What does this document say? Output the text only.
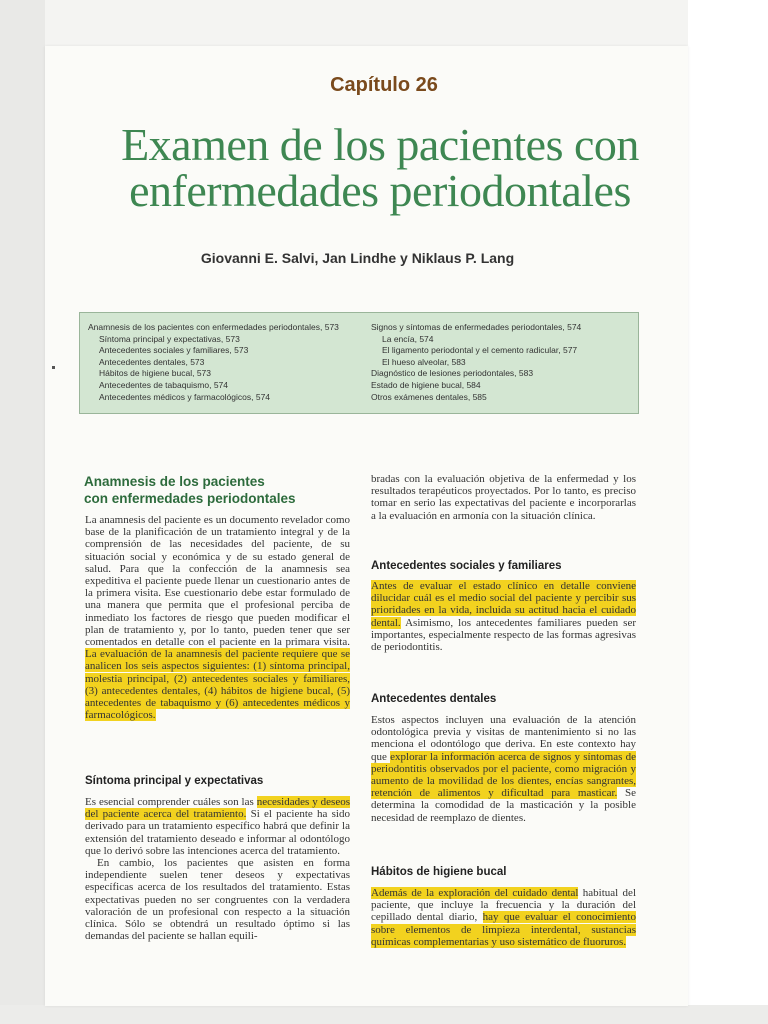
Capítulo 26
Examen de los pacientes con
enfermedades periodontales
Giovanni E. Salvi, Jan Lindhe y Niklaus P. Lang
Anamnesis de los pacientes con enfermedades periodontales, 573
Síntoma principal y expectativas, 573
Antecedentes sociales y familiares, 573
Antecedentes dentales, 573
Hábitos de higiene bucal, 573
Antecedentes de tabaquismo, 574
Antecedentes médicos y farmacológicos, 574
Signos y síntomas de enfermedades periodontales, 574
La encía, 574
El ligamento periodontal y el cemento radicular, 577
El hueso alveolar, 583
Diagnóstico de lesiones periodontales, 583
Estado de higiene bucal, 584
Otros exámenes dentales, 585
Anamnesis de los pacientes
con enfermedades periodontales

La anamnesis del paciente es un documento revelador como base de la planificación de un tratamiento integral y de la comprensión de las necesidades del paciente, de su situación social y económica y de su estado general de salud. Para que la confección de la anamnesis sea expeditiva el paciente puede llenar un cuestionario antes de la primera visita. Ese cuestionario debe estar formulado de una manera que permita que el profesional perciba de inmediato los factores de riesgo que pueden modificar el plan de tratamiento y, por lo tanto, pueden tener que ser comentados en detalle con el paciente en la primara visita. La evaluación de la anamnesis del paciente requiere que se analicen los seis aspectos siguientes: (1) síntoma principal, molestia principal, (2) antecedentes sociales y familiares, (3) antecedentes dentales, (4) hábitos de higiene bucal, (5) antecedentes de tabaquismo y (6) antecedentes médicos y farmacológicos.

Síntoma principal y expectativas

Es esencial comprender cuáles son las necesidades y deseos del paciente acerca del tratamiento. Si el paciente ha sido derivado para un tratamiento específico habrá que definir la extensión del tratamiento deseado e informar al odontólogo que lo derivó sobre las intenciones acerca del tratamiento.

En cambio, los pacientes que asisten en forma independiente suelen tener deseos y expectativas específicas acerca de los resultados del tratamiento. Estas expectativas pueden no ser congruentes con la verdadera valoración de un profesional con respecto a la situación clínica. Sólo se obtendrá un resultado óptimo si las demandas del paciente se hallan equili-

bradas con la evaluación objetiva de la enfermedad y los resultados terapéuticos proyectados. Por lo tanto, es preciso tomar en serio las expectativas del paciente e incorporarlas a la evaluación en armonía con la situación clínica.

Antecedentes sociales y familiares

Antes de evaluar el estado clínico en detalle conviene dilucidar cuál es el medio social del paciente y percibir sus prioridades en la vida, incluida su actitud hacia el cuidado dental. Asimismo, los antecedentes familiares pueden ser importantes, especialmente respecto de las formas agresivas de periodontitis.

Antecedentes dentales

Estos aspectos incluyen una evaluación de la atención odontológica previa y visitas de mantenimiento si no las menciona el odontólogo que deriva. En este contexto hay que explorar la información acerca de signos y síntomas de periodontitis observados por el paciente, como migración y aumento de la movilidad de los dientes, encías sangrantes, retención de alimentos y dificultad para masticar. Se determina la comodidad de la masticación y la posible necesidad de reemplazo de dientes.

Hábitos de higiene bucal

Además de la exploración del cuidado dental habitual del paciente, que incluye la frecuencia y la duración del cepillado dental diario, hay que evaluar el conocimiento sobre elementos de limpieza interdental, sustancias químicas complementarias y uso sistemático de fluoruros.
